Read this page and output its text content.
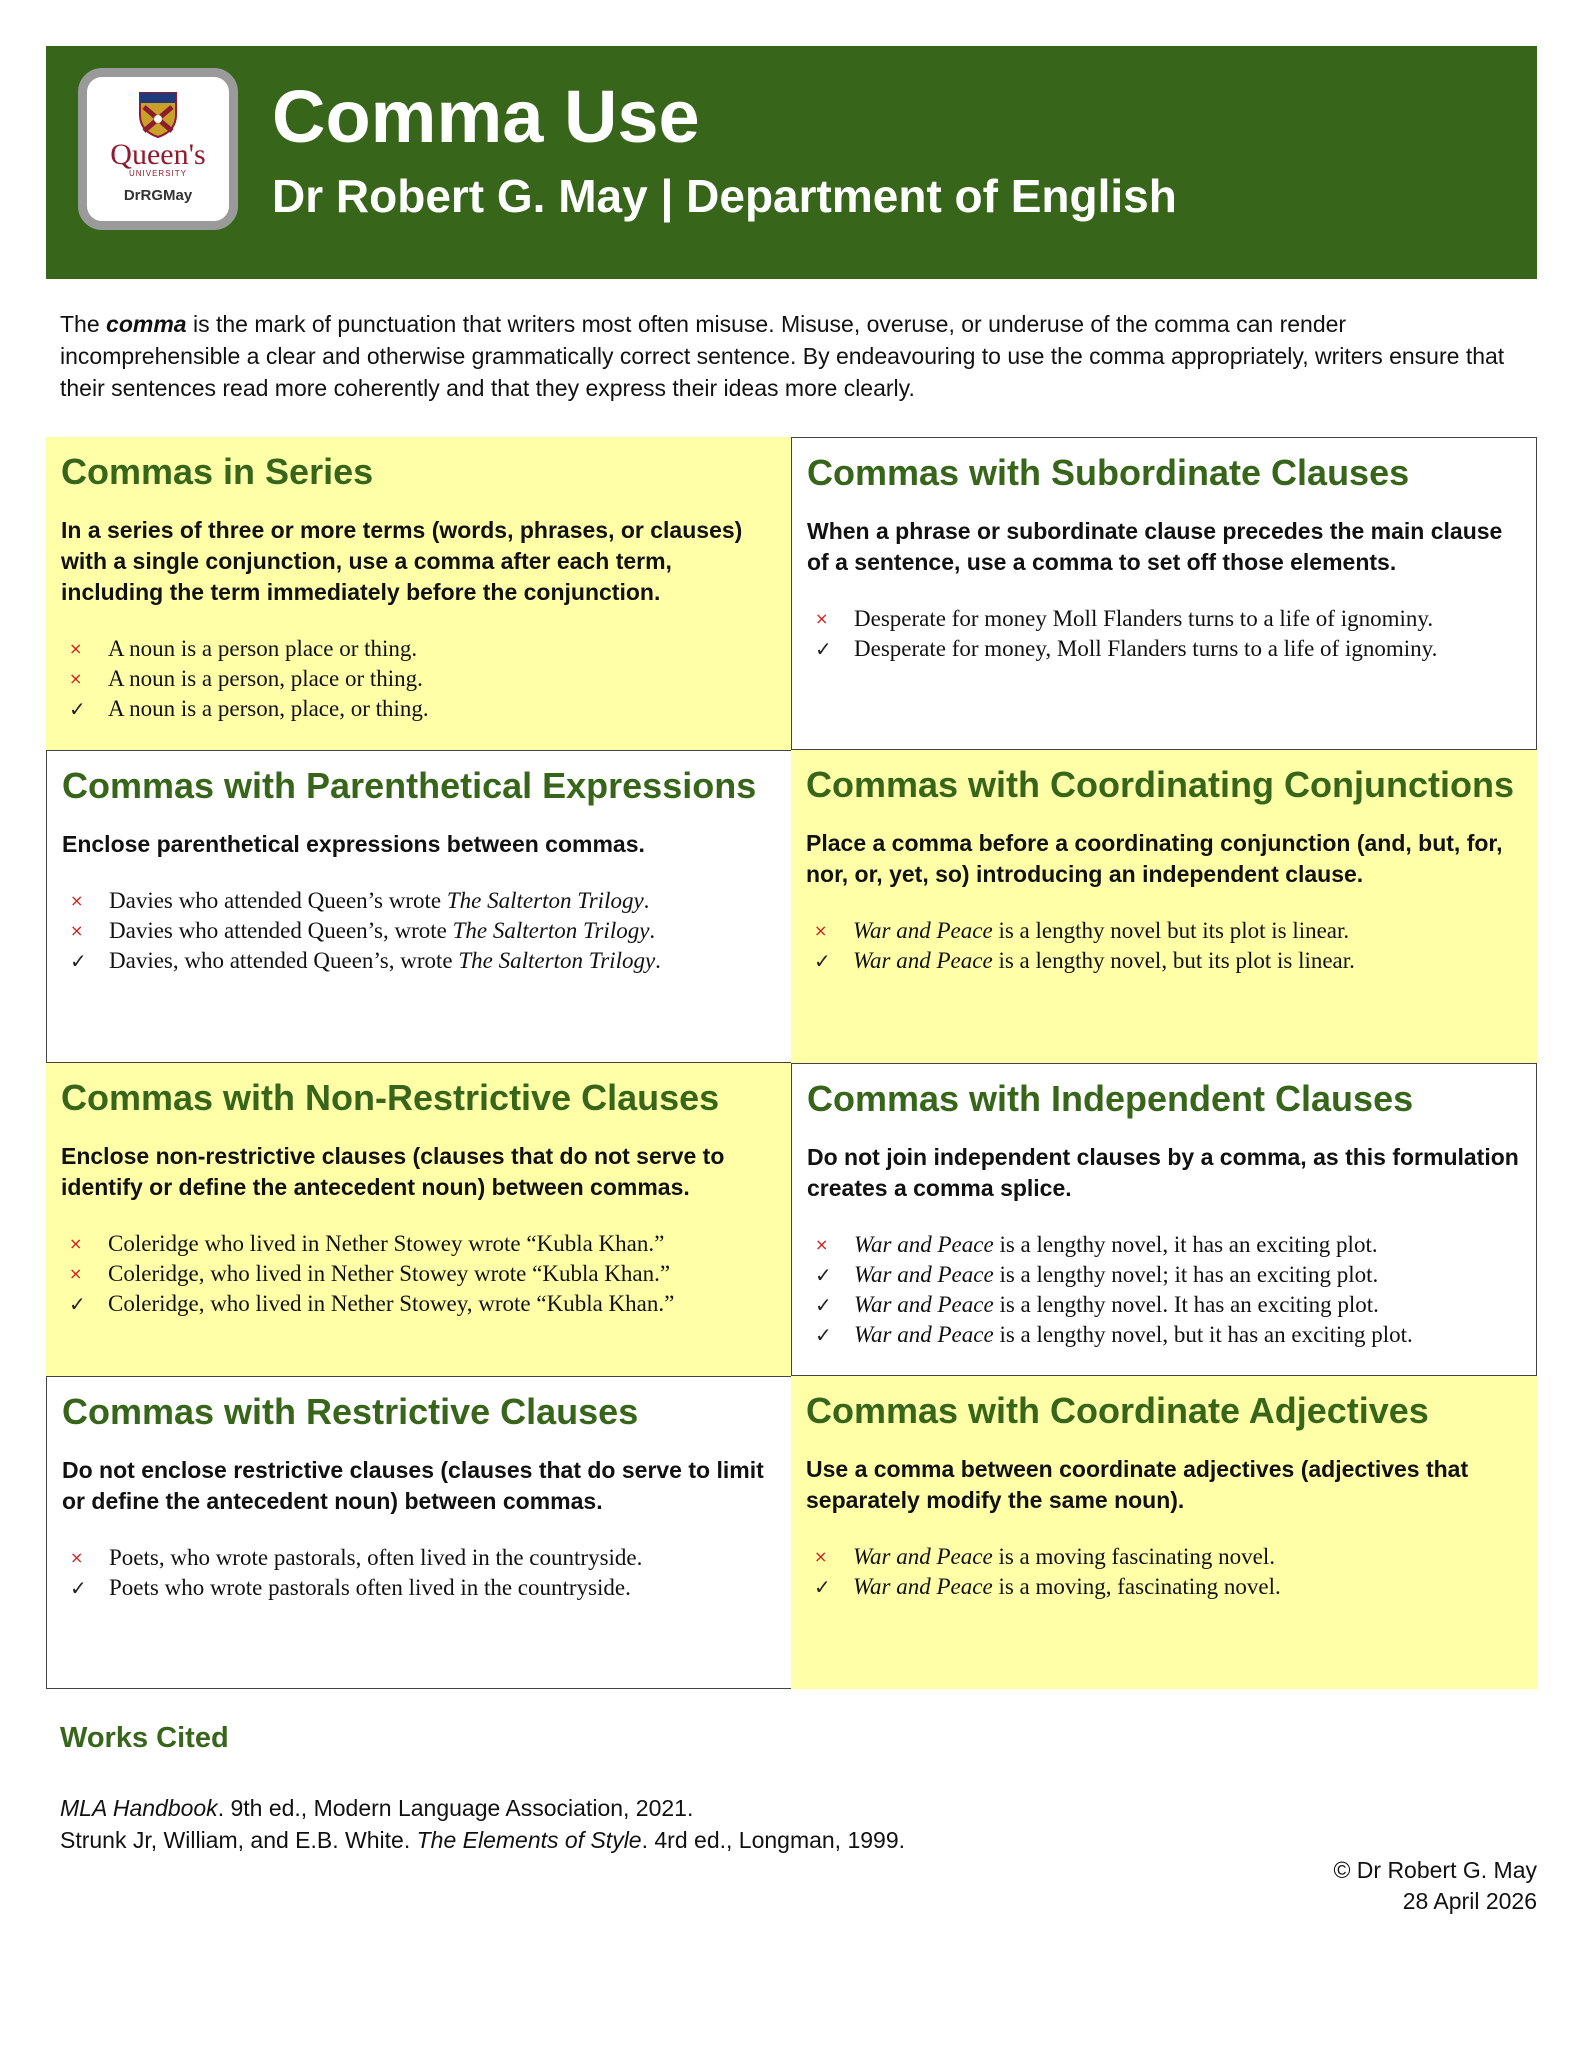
Queen's
UNIVERSITY
DrRGMay
Comma Use
Dr Robert G. May | Department of English

The comma is the mark of punctuation that writers most often misuse. Misuse, overuse, or underuse of the comma can render incomprehensible a clear and otherwise grammatically correct sentence. By endeavouring to use the comma appropriately, writers ensure that their sentences read more coherently and that they express their ideas more clearly.

Commas in Series

In a series of three or more terms (words, phrases, or clauses) with a single conjunction, use a comma after each term, including the term immediately before the conjunction.

×	A noun is a person place or thing.
×	A noun is a person, place or thing.
✓ A noun is a person, place, or thing.
Commas with Subordinate Clauses

When a phrase or subordinate clause precedes the main clause of a sentence, use a comma to set off those elements.

×	Desperate for money Moll Flanders turns to a life of ignominy.
✓ Desperate for money, Moll Flanders turns to a life of ignominy.
Commas with Parenthetical Expressions

Enclose parenthetical expressions between commas.

×	Davies who attended Queen’s wrote The Salterton Trilogy.
×	Davies who attended Queen’s, wrote The Salterton Trilogy.
✓ Davies, who attended Queen’s, wrote The Salterton Trilogy.
Commas with Coordinating Conjunctions

Place a comma before a coordinating conjunction (and, but, for, nor, or, yet, so) introducing an independent clause.

×	War and Peace is a lengthy novel but its plot is linear.
✓ War and Peace is a lengthy novel, but its plot is linear.
Commas with Non-Restrictive Clauses

Enclose non-restrictive clauses (clauses that do not serve to identify or define the antecedent noun) between commas.

×	Coleridge who lived in Nether Stowey wrote “Kubla Khan.”
×	Coleridge, who lived in Nether Stowey wrote “Kubla Khan.”
✓ Coleridge, who lived in Nether Stowey, wrote “Kubla Khan.”
Commas with Independent Clauses

Do not join independent clauses by a comma, as this formulation creates a comma splice.

×	War and Peace is a lengthy novel, it has an exciting plot.
✓ War and Peace is a lengthy novel; it has an exciting plot.
✓ War and Peace is a lengthy novel. It has an exciting plot.
✓ War and Peace is a lengthy novel, but it has an exciting plot.
Commas with Restrictive Clauses

Do not enclose restrictive clauses (clauses that do serve to limit or define the antecedent noun) between commas.

×	Poets, who wrote pastorals, often lived in the countryside.
✓ Poets who wrote pastorals often lived in the countryside.
Commas with Coordinate Adjectives

Use a comma between coordinate adjectives (adjectives that separately modify the same noun).

×	War and Peace is a moving fascinating novel.
✓ War and Peace is a moving, fascinating novel.
Works Cited
MLA Handbook. 9th ed., Modern Language Association, 2021.
Strunk Jr, William, and E.B. White. The Elements of Style. 4rd ed., Longman, 1999.
© Dr Robert G. May
28 April 2026
